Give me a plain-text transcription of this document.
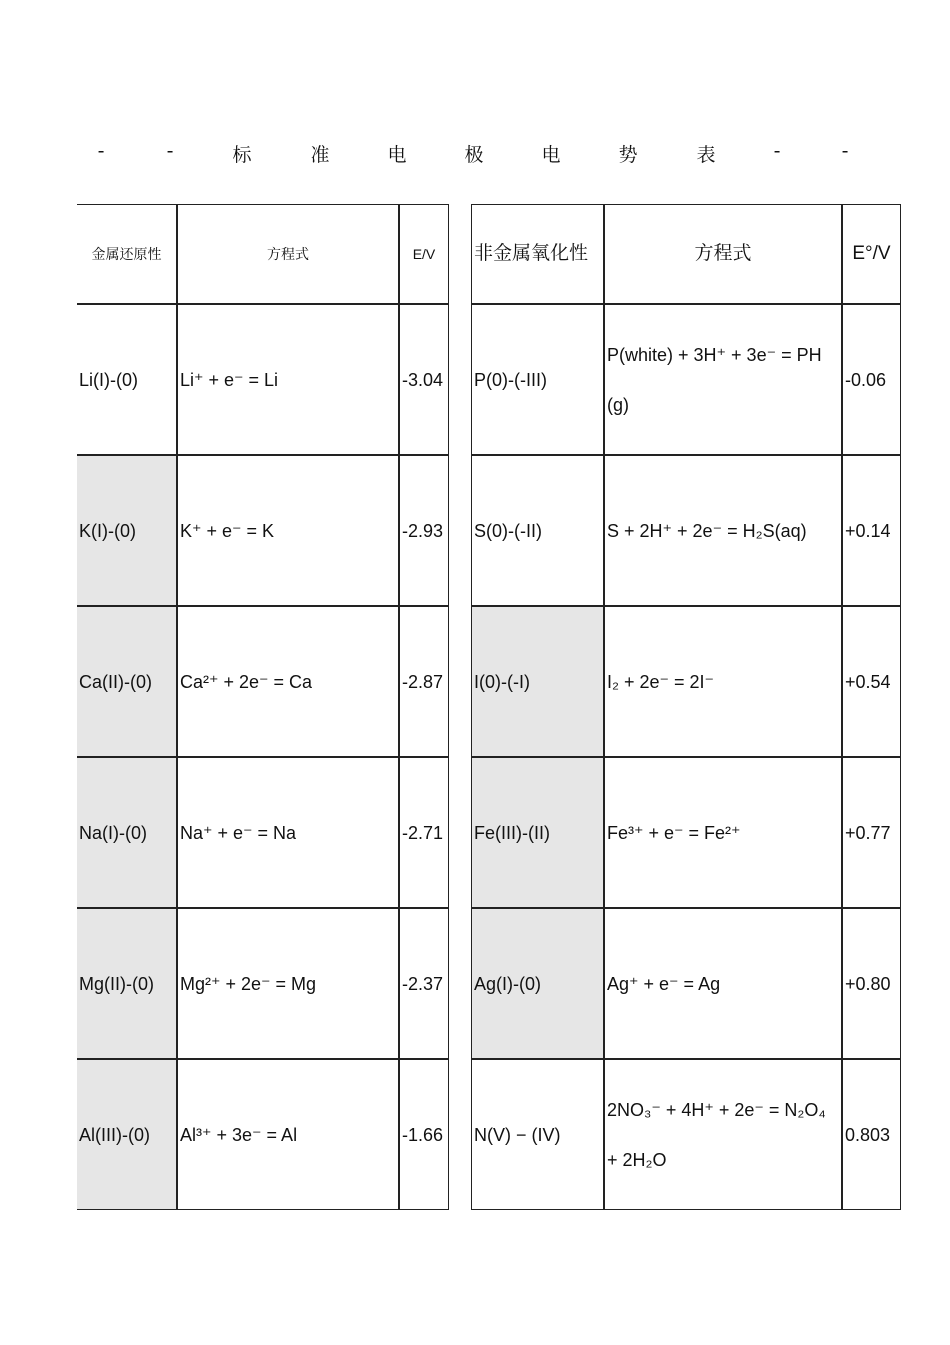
-	-	标	准	电	极	电	势	表	-	-
金属还原性	方程式	E/V
Li(I)-(0)	Li⁺ + e⁻ = Li	-3.04
K(I)-(0)	K⁺ + e⁻ = K	-2.93
Ca(II)-(0)	Ca²⁺ + 2e⁻ = Ca	-2.87
Na(I)-(0)	Na⁺ + e⁻ = Na	-2.71
Mg(II)-(0)	Mg²⁺ + 2e⁻ = Mg	-2.37
Al(III)-(0)	Al³⁺ + 3e⁻ = Al	-1.66
非金属氧化性	方程式	E°/V
P(0)-(-III)	P(white) + 3H⁺ + 3e⁻ = PH(g)	-0.06
S(0)-(-II)	S + 2H⁺ + 2e⁻ = H₂S(aq)	+0.14
I(0)-(-I)	I₂ + 2e⁻ = 2I⁻	+0.54
Fe(III)-(II)	Fe³⁺ + e⁻ = Fe²⁺	+0.77
Ag(I)-(0)	Ag⁺ + e⁻ = Ag	+0.80
N(V) − (IV)	2NO₃⁻ + 4H⁺ + 2e⁻ = N₂O₄ + 2H₂O	0.803
